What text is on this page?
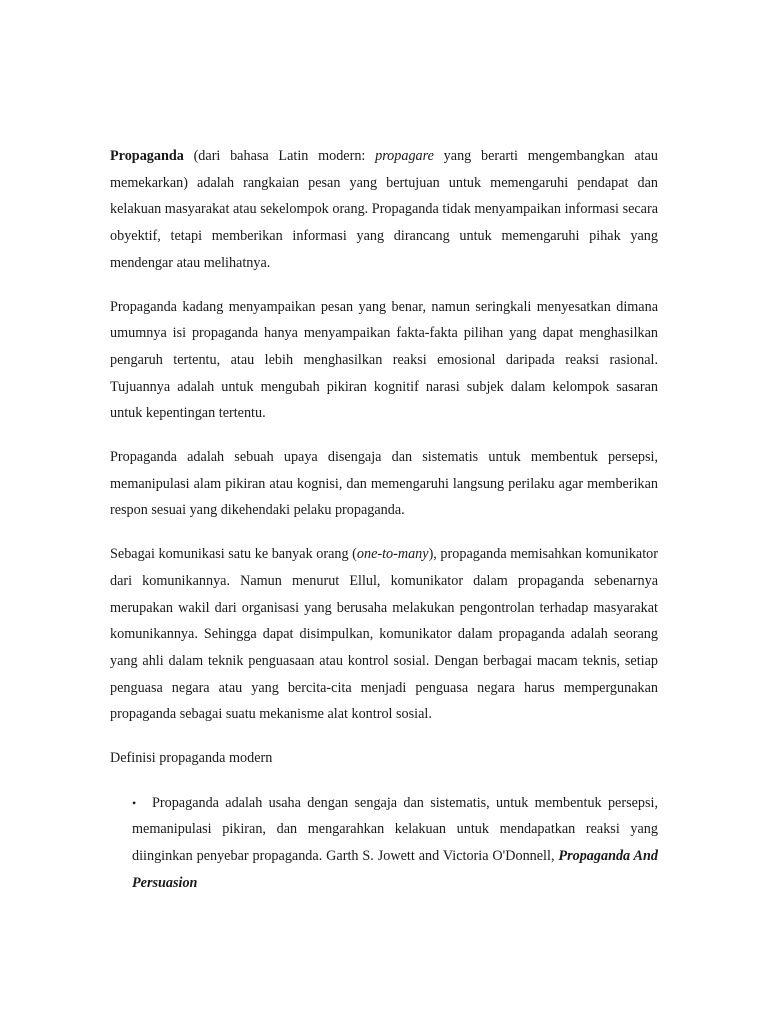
Propaganda (dari bahasa Latin modern: propagare yang berarti mengembangkan atau memekarkan) adalah rangkaian pesan yang bertujuan untuk memengaruhi pendapat dan kelakuan masyarakat atau sekelompok orang. Propaganda tidak menyampaikan informasi secara obyektif, tetapi memberikan informasi yang dirancang untuk memengaruhi pihak yang mendengar atau melihatnya.

Propaganda kadang menyampaikan pesan yang benar, namun seringkali menyesatkan dimana umumnya isi propaganda hanya menyampaikan fakta-fakta pilihan yang dapat menghasilkan pengaruh tertentu, atau lebih menghasilkan reaksi emosional daripada reaksi rasional. Tujuannya adalah untuk mengubah pikiran kognitif narasi subjek dalam kelompok sasaran untuk kepentingan tertentu.

Propaganda adalah sebuah upaya disengaja dan sistematis untuk membentuk persepsi, memanipulasi alam pikiran atau kognisi, dan memengaruhi langsung perilaku agar memberikan respon sesuai yang dikehendaki pelaku propaganda.

Sebagai komunikasi satu ke banyak orang (one-to-many), propaganda memisahkan komunikator dari komunikannya. Namun menurut Ellul, komunikator dalam propaganda sebenarnya merupakan wakil dari organisasi yang berusaha melakukan pengontrolan terhadap masyarakat komunikannya. Sehingga dapat disimpulkan, komunikator dalam propaganda adalah seorang yang ahli dalam teknik penguasaan atau kontrol sosial. Dengan berbagai macam teknis, setiap penguasa negara atau yang bercita-cita menjadi penguasa negara harus mempergunakan propaganda sebagai suatu mekanisme alat kontrol sosial.

Definisi propaganda modern
• Propaganda adalah usaha dengan sengaja dan sistematis, untuk membentuk persepsi, memanipulasi pikiran, dan mengarahkan kelakuan untuk mendapatkan reaksi yang diinginkan penyebar propaganda. Garth S. Jowett and Victoria O'Donnell, Propaganda And Persuasion
